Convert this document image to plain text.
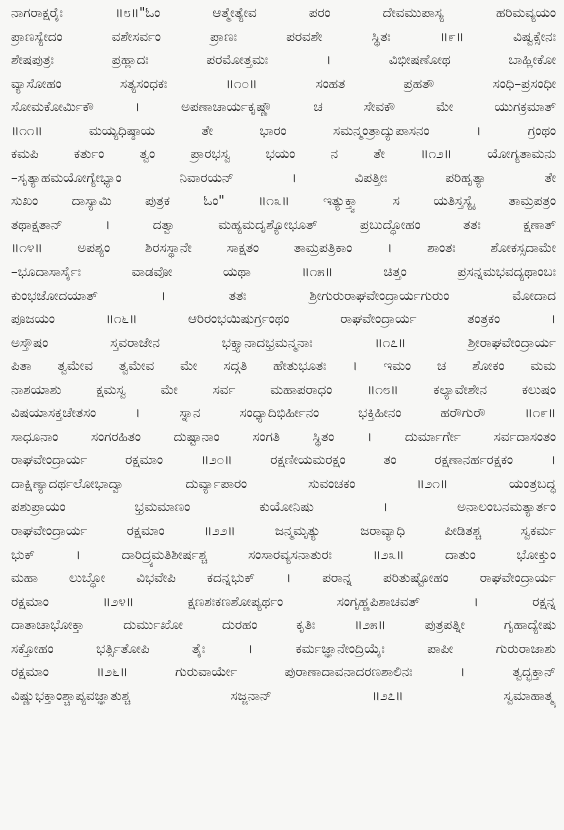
ನಾಗರಾಕ್ಷರೈಃ ॥೮॥"ಓಂ ಆತ್ಮೇತ್ಯೇವ ಪರಂ ದೇವಮುಪಾಸ್ಯ ಹರಿಮವ್ಯಯಂ
ಪ್ರಾಣಸ್ಯೇದಂ ವಶೇಸರ್ವಂ ಪ್ರಾಣಃ ಪರವಶೇ ಸ್ಥಿತಃ ॥೯॥ ವಿಷ್ವಕ್ಸೇನಃ
ಶೇಷಪುತ್ರಃ ಪ್ರಹ್ಲಾದಃ ಪರಮೋತ್ತಮಃ । ವಿಭೀಷಣೋಥ ಬಾಹ್ಲೀಕೋ
ವ್ಯಾಸೋಹಂ ಸತ್ಯಸಂಧಕಃ ॥೧೦॥ ಸಂಹತ ಪ್ರಹತೌ ಸಂಧಿ–ಪ್ರಸಂಧೀ
ಸೋಮಕೋರ್ಮಿಕೌ । ಅಪಣಾಚಾರ್ಯಕೃಷ್ಣೌ ಚ ಸೇವಕೌ ಮೇ ಯುಗಕ್ರಮಾತ್
॥೧೧॥ ಮಯ್ಯಧಿಷ್ಠಾಯ ತೇ ಭಾರಂ ಸಮನ್ಮಂತ್ರಾದ್ಯುಪಾಸನಂ । ಗ್ರಂಥಂ
ಕಮಪಿ ಕರ್ತುಂ ತ್ವಂ ಪ್ರಾರಭಸ್ವ ಭಯಂ ನ ತೇ ॥೧೨॥ ಯೋಗ್ಯತಾಮನು
–ಸೃತ್ಯಾಹಮಯೋಗ್ಯೇಭ್ಯಾಂ ನಿವಾರಯನ್ । ವಿಪತ್ತೀಃ ಪರಿಹೃತ್ಯಾ ತೇ
ಸುಖಂ ದಾಸ್ಯಾಮಿ ಪುತ್ರಕ ಓಂ" ॥೧೩॥ ಇತ್ಯುಕ್ತ್ವಾ ಸ ಯತಿಸ್ತಸ್ಯೈ ತಾಮ್ರಪತ್ರಂ
ತಥಾಕ್ಷತಾನ್ । ದತ್ವಾ ಮಹ್ಯಮದೃಶ್ಯೋಭೂತ್ ಪ್ರಬುದ್ಧೋಹಂ ತತಃ ಕ್ಷಣಾತ್
॥೧೪॥ ಅಪಶ್ಯಂ ಶಿರಸಸ್ಥಾನೇ ಸಾಕ್ಷತಂ ತಾಮ್ರಪತ್ರಿಕಾಂ । ಶಾಂತಃ ಶೋಕಸ್ಸದಾಮೇ
–ಭೂದಾಸಾರ್ಸೈಃ ವಾಡವೋ ಯಥಾ ॥೧೫॥ ಚಿತ್ತಂ ಪ್ರಸನ್ನಮಭವದ್ಯಥಾಂಬಃ
ಕುಂಭಜೋದಯಾತ್ । ತತಃ ಶ್ರೀಗುರುರಾಘವೇಂದ್ರಾರ್ಯಗುರುಂ ಮೋದಾದ
ಪೂಜಯಂ ॥೧೬॥ ಆರಿರಂಭಯಿಷುರ್ಗ್ರಂಥಂ ರಾಘವೇಂದ್ರಾರ್ಯ ತಂತ್ರಕಂ ।
ಅಸ್ತೌಷಂ ಸ್ತವರಾಜೇನ ಭಕ್ತ್ಯಾನಾದಭ್ರಮನ್ಮನಾಃ ॥೧೭॥ ಶ್ರೀರಾಘವೇಂದ್ರಾರ್ಯ
ಪಿತಾ ತ್ವಮೇವ ತ್ವಮೇವ ಮೇ ಸದ್ಗತಿ ಹೇತುಭೂತಃ । ಇಮಂ ಚ ಶೋಕಂ ಮಮ
ನಾಶಯಾಶು ಕ್ಷಮಸ್ವ ಮೇ ಸರ್ವ ಮಹಾಪರಾಧಂ ॥೧೮॥ ಕಲ್ಯಾವೇಶೇನ ಕಲುಷಂ
ವಿಷಯಾಸಕ್ತಚೇತಸಂ । ಸ್ನಾನ ಸಂಧ್ಯಾದಿಭಿರ್ಹೀನಂ ಭಕ್ತಿಹೀನಂ ಹರೌಗುರೌ ॥೧೯॥
ಸಾಧೂನಾಂ ಸಂಗರಹಿತಂ ದುಷ್ಟಾನಾಂ ಸಂಗತಿ ಸ್ಥಿತಂ । ದುರ್ಮಾರ್ಗೇ ಸರ್ವದಾಸಂತಂ
ರಾಘವೇಂದ್ರಾರ್ಯ ರಕ್ಷಮಾಂ ॥೨೦॥ ರಕ್ಷಣೀಯಮರಕ್ಷಂ ತಂ ರಕ್ಷಣಾನರ್ಹರಕ್ಷಕಂ ।
ದಾಕ್ಷಿಣ್ಯಾದರ್ಥಲೋಭಾದ್ವಾ ದುರ್ವ್ಯಾಪಾರಂ ಸುವಂಚಕಂ ॥೨೧॥ ಯಂತ್ರಬದ್ಧ
ಪಶುಪ್ರಾಯಂ ಭ್ರಮಮಾಣಂ ಕುಯೋನಿಷು । ಅನಾಲಂಬನಮತ್ಯಾರ್ತಂ
ರಾಘವೇಂದ್ರಾರ್ಯ ರಕ್ಷಮಾಂ ॥೨೨॥ ಜನ್ಮಮೃತ್ಯು ಜರಾವ್ಯಾಧಿ ಪೀಡಿತಶ್ಚ ಸ್ವಕರ್ಮ
ಭುಕ್ । ದಾರಿದ್ರ್ಯಮತಿಶೀರ್ಷಶ್ಚ ಸಂಸಾರವ್ಯಸನಾತುರಃ ॥೨೩॥ ದಾತುಂ ಭೋಕ್ತುಂ
ಮಹಾ ಲುಬ್ಧೋ ವಿಭವೇಪಿ ಕದನ್ನಭುಕ್ । ಪರಾನ್ನ ಪರಿತುಷ್ಟೋಹಂ ರಾಘವೇಂದ್ರಾರ್ಯ
ರಕ್ಷಮಾಂ ॥೨೪॥ ಕ್ಷಣಶಃಕಣಶೋಪ್ಯರ್ಥಂ ಸಂಗೃಹ್ಣಪಿಶಾಚವತ್ । ರಕ್ಷನ್ನ
ದಾತಾಚಾಭೋಕ್ತಾ ದುರ್ಮುಖೋ ದುರಹಂ ಕೃತಿಃ ॥೨೫॥ ಪುತ್ರಪತ್ನೀ ಗೃಹಾದ್ಯೇಷು
ಸಕ್ತೋಹಂ ಭರ್ತ್ಸಿತೋಪಿ ತೈಃ । ಕರ್ಮಜ್ಞಾನೇಂದ್ರಿಯೈಃ ಪಾಪೀ ಗುರುರಾಜಾಶು
ರಕ್ಷಮಾಂ ॥೨೬॥ ಗುರುವಾರ್ಯೇ ಪುರಾಣಾದಾವನಾದರಣಶಾಲಿನಃ । ತ್ವದ್ಭಕ್ತಾನ್
ವಿಷ್ಣುಭಕ್ತಾಂಶ್ಚಾಪ್ಯವಜ್ಞಾತುಶ್ಚ ಸಜ್ಜನಾನ್ ॥೨೭॥ ಸ್ವಮಾಹಾತ್ಮ್ಯ
